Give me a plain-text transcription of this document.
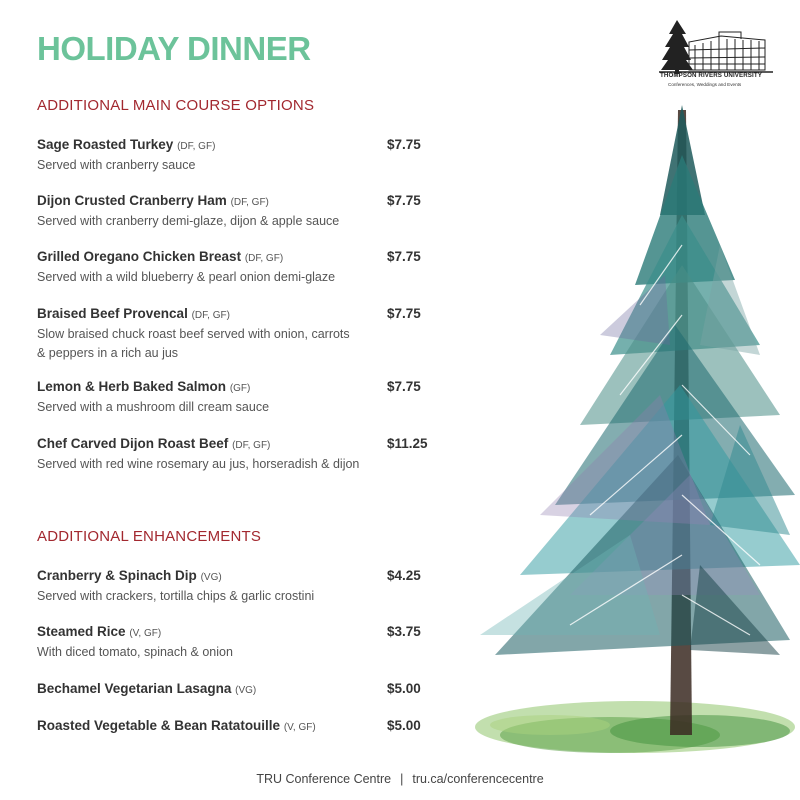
HOLIDAY DINNER
THOMPSON RIVERS UNIVERSITY
Conferences, Weddings and Events
ADDITIONAL MAIN COURSE OPTIONS
Sage Roasted Turkey (DF, GF)
Served with cranberry sauce
$7.75
Dijon Crusted Cranberry Ham (DF, GF)
Served with cranberry demi-glaze, dijon & apple sauce
$7.75
Grilled Oregano Chicken Breast (DF, GF)
Served with a wild blueberry & pearl onion demi-glaze
$7.75
Braised Beef Provencal (DF, GF)
Slow braised chuck roast beef served with onion, carrots & peppers in a rich au jus
$7.75
Lemon & Herb Baked Salmon (GF)
Served with a mushroom dill cream sauce
$7.75
Chef Carved Dijon Roast Beef (DF, GF)
Served with red wine rosemary au jus, horseradish & dijon
$11.25
ADDITIONAL ENHANCEMENTS
Cranberry & Spinach Dip (VG)
Served with crackers, tortilla chips & garlic crostini
$4.25
Steamed Rice (V, GF)
With diced tomato, spinach & onion
$3.75
Bechamel Vegetarian Lasagna (VG)	$5.00
Roasted Vegetable & Bean Ratatouille (V, GF)	$5.00
TRU Conference Centre | tru.ca/conferencecentre
